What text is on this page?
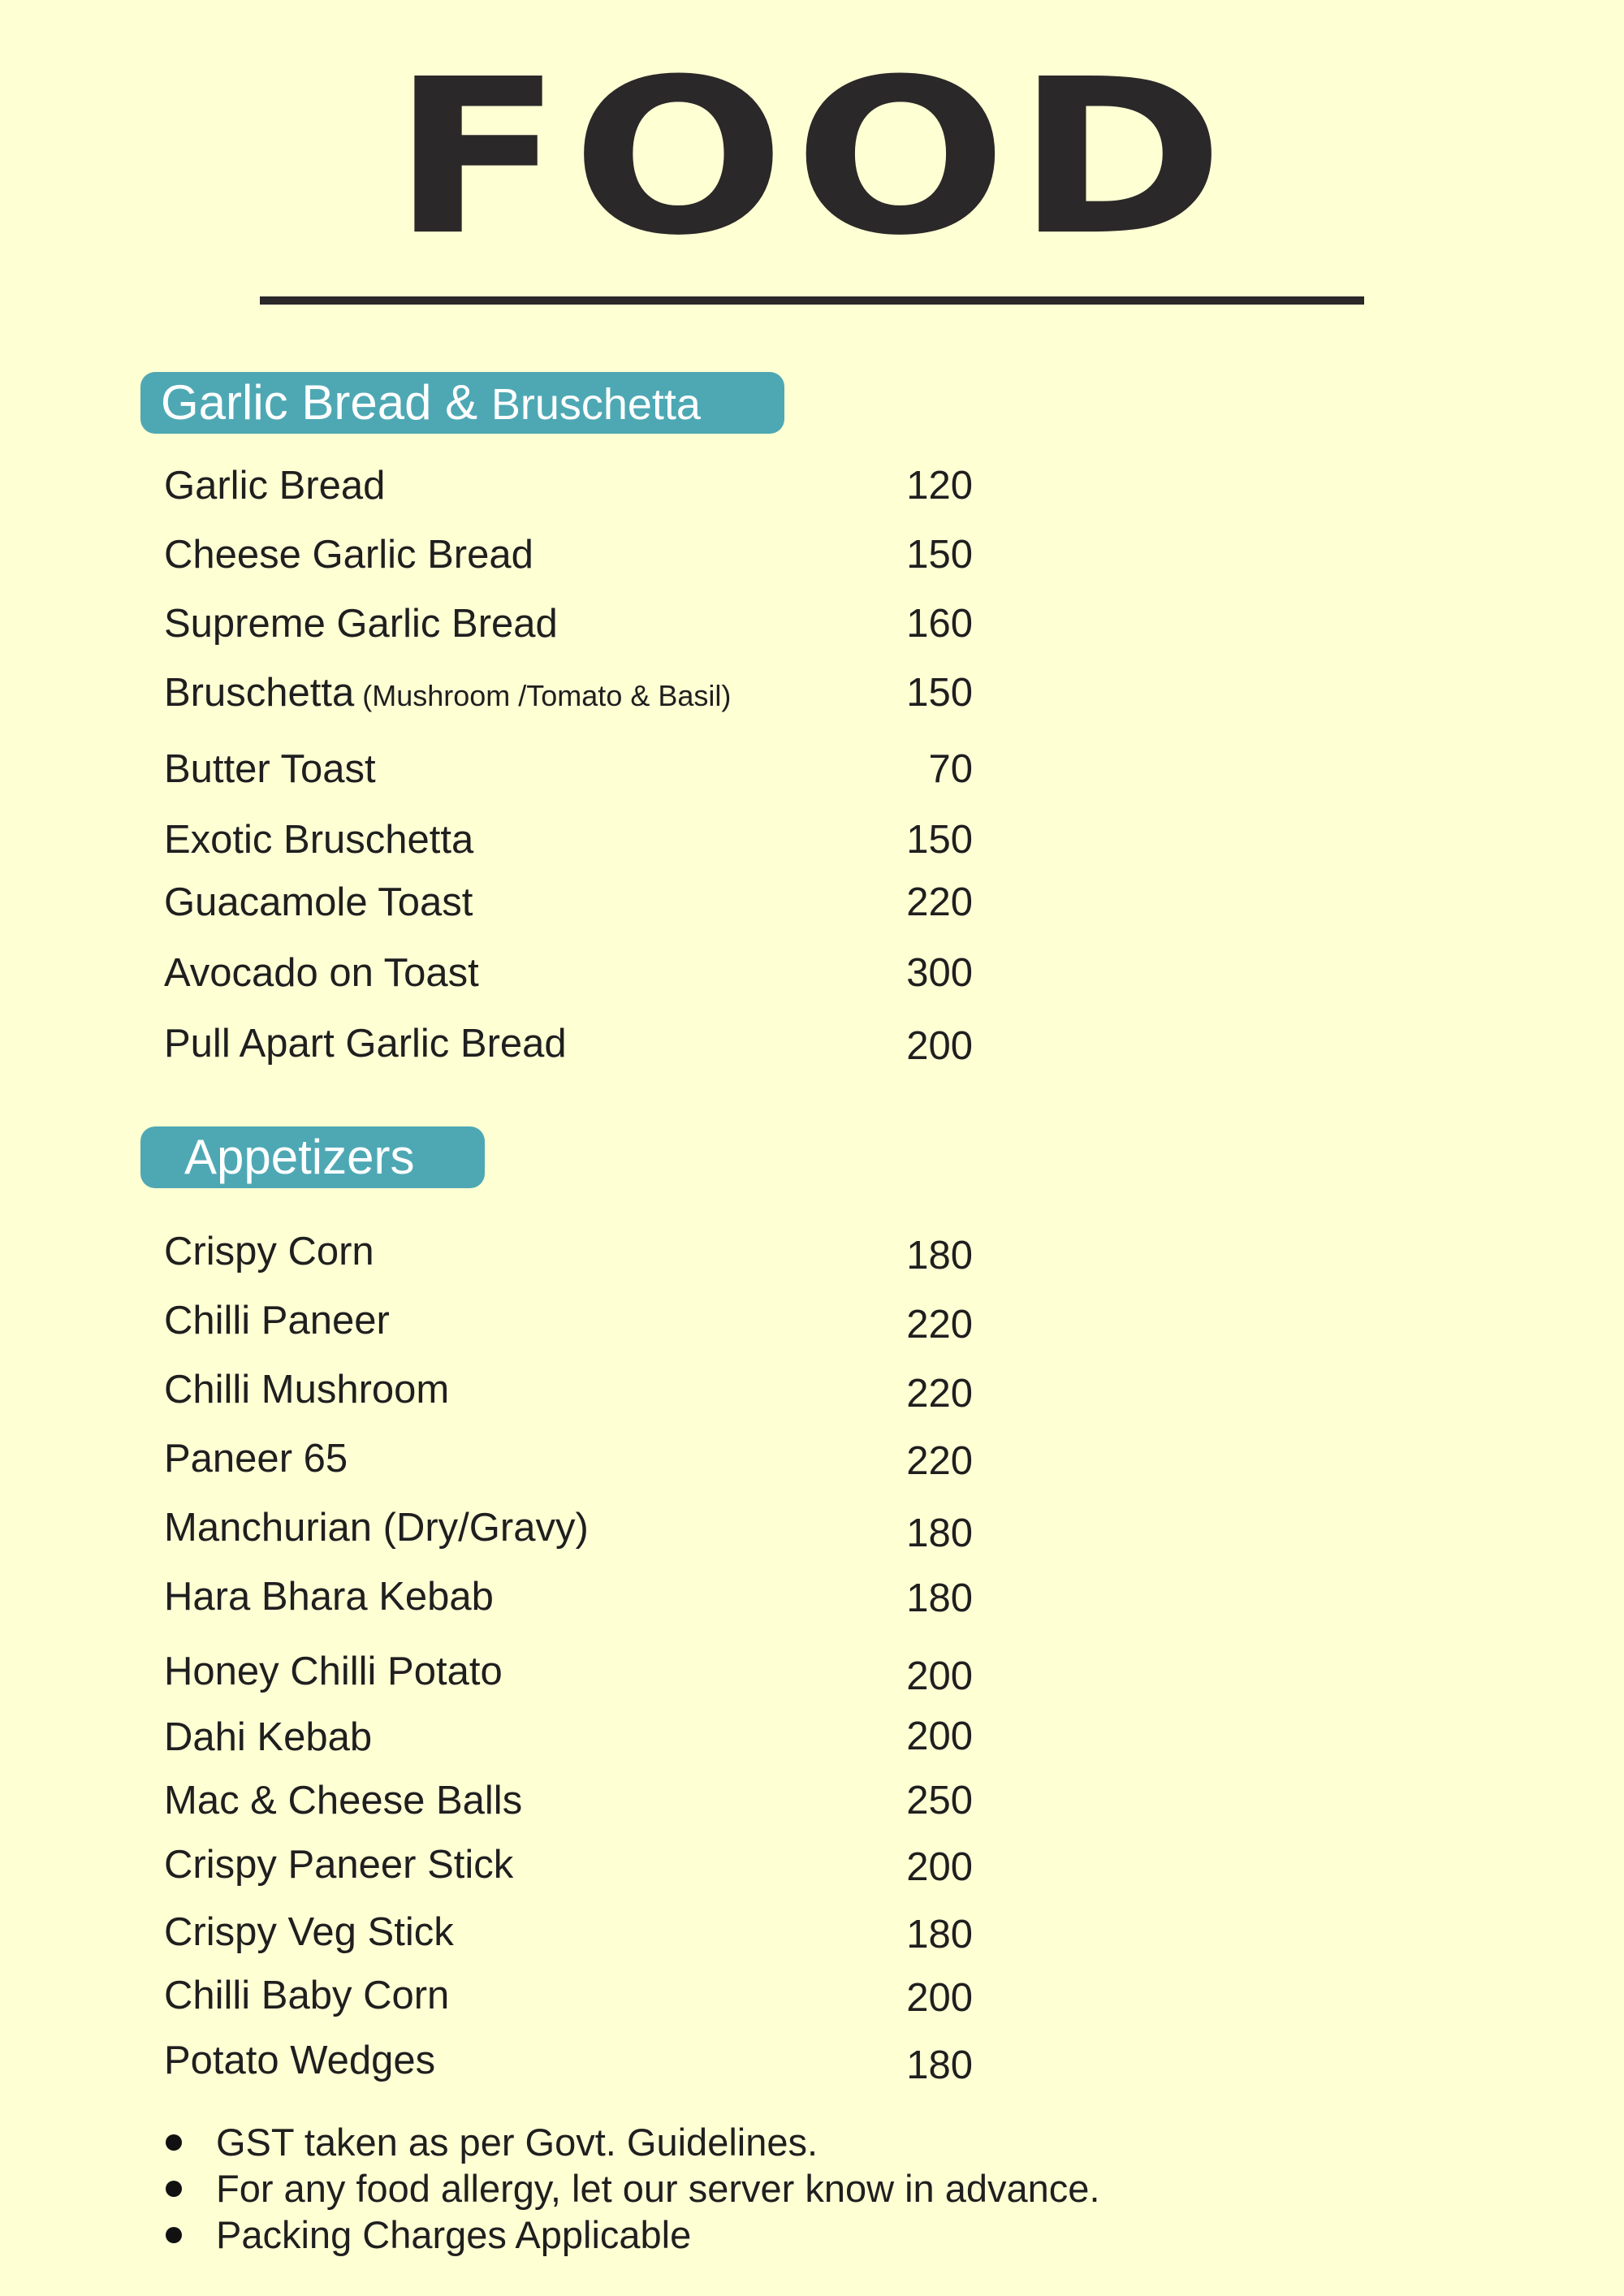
FOOD
Garlic Bread & Bruschetta
Garlic Bread	120
Cheese Garlic Bread	150
Supreme Garlic Bread	160
Bruschetta (Mushroom /Tomato & Basil)	150
Butter Toast	70
Exotic Bruschetta	150
Guacamole Toast	220
Avocado on Toast	300
Pull Apart Garlic Bread	200
Appetizers
Crispy Corn	180
Chilli Paneer	220
Chilli Mushroom	220
Paneer 65	220
Manchurian (Dry/Gravy)	180
Hara Bhara Kebab	180
Honey Chilli Potato	200
Dahi Kebab	200
Mac & Cheese Balls	250
Crispy Paneer Stick	200
Crispy Veg Stick	180
Chilli Baby Corn	200
Potato Wedges	180
GST taken as per Govt. Guidelines.
For any food allergy, let our server know in advance.
Packing Charges Applicable
